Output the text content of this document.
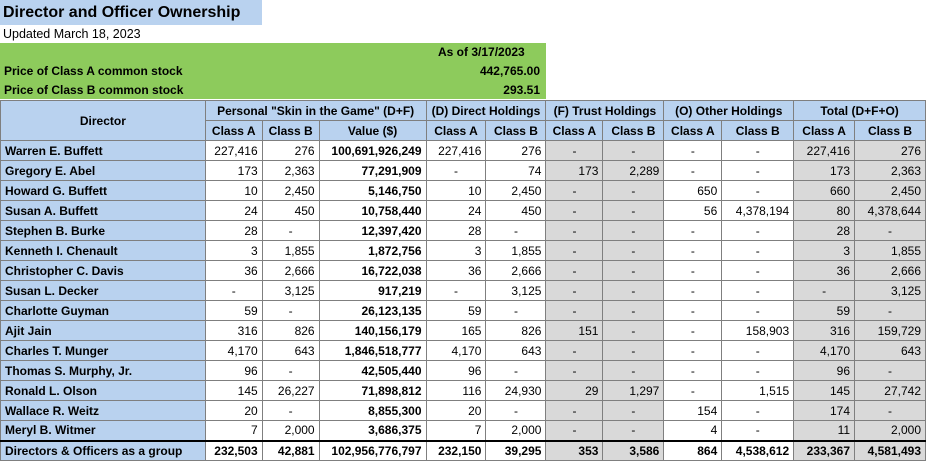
Director and Officer Ownership
Updated March 18, 2023
As of 3/17/2023
Price of Class A common stock	442,765.00
Price of Class B common stock	293.51
Director	Personal "Skin in the Game" (D+F)			(D) Direct Holdings		(F) Trust Holdings		(O) Other Holdings		Total (D+F+O)	
	Class A	Class B	Value ($)	Class A	Class B	Class A	Class B	Class A	Class B	Class A	Class B
Warren E. Buffett	227,416	276	100,691,926,249	227,416	276	-	-	-	-	227,416	276
Gregory E. Abel	173	2,363	77,291,909	-	74	173	2,289	-	-	173	2,363
Howard G. Buffett	10	2,450	5,146,750	10	2,450	-	-	650	-	660	2,450
Susan A. Buffett	24	450	10,758,440	24	450	-	-	56	4,378,194	80	4,378,644
Stephen B. Burke	28	-	12,397,420	28	-	-	-	-	-	28	-
Kenneth I. Chenault	3	1,855	1,872,756	3	1,855	-	-	-	-	3	1,855
Christopher C. Davis	36	2,666	16,722,038	36	2,666	-	-	-	-	36	2,666
Susan L. Decker	-	3,125	917,219	-	3,125	-	-	-	-	-	3,125
Charlotte Guyman	59	-	26,123,135	59	-	-	-	-	-	59	-
Ajit Jain	316	826	140,156,179	165	826	151	-	-	158,903	316	159,729
Charles T. Munger	4,170	643	1,846,518,777	4,170	643	-	-	-	-	4,170	643
Thomas S. Murphy, Jr.	96	-	42,505,440	96	-	-	-	-	-	96	-
Ronald L. Olson	145	26,227	71,898,812	116	24,930	29	1,297	-	1,515	145	27,742
Wallace R. Weitz	20	-	8,855,300	20	-	-	-	154	-	174	-
Meryl B. Witmer	7	2,000	3,686,375	7	2,000	-	-	4	-	11	2,000
Directors & Officers as a group	232,503	42,881	102,956,776,797	232,150	39,295	353	3,586	864	4,538,612	233,367	4,581,493
